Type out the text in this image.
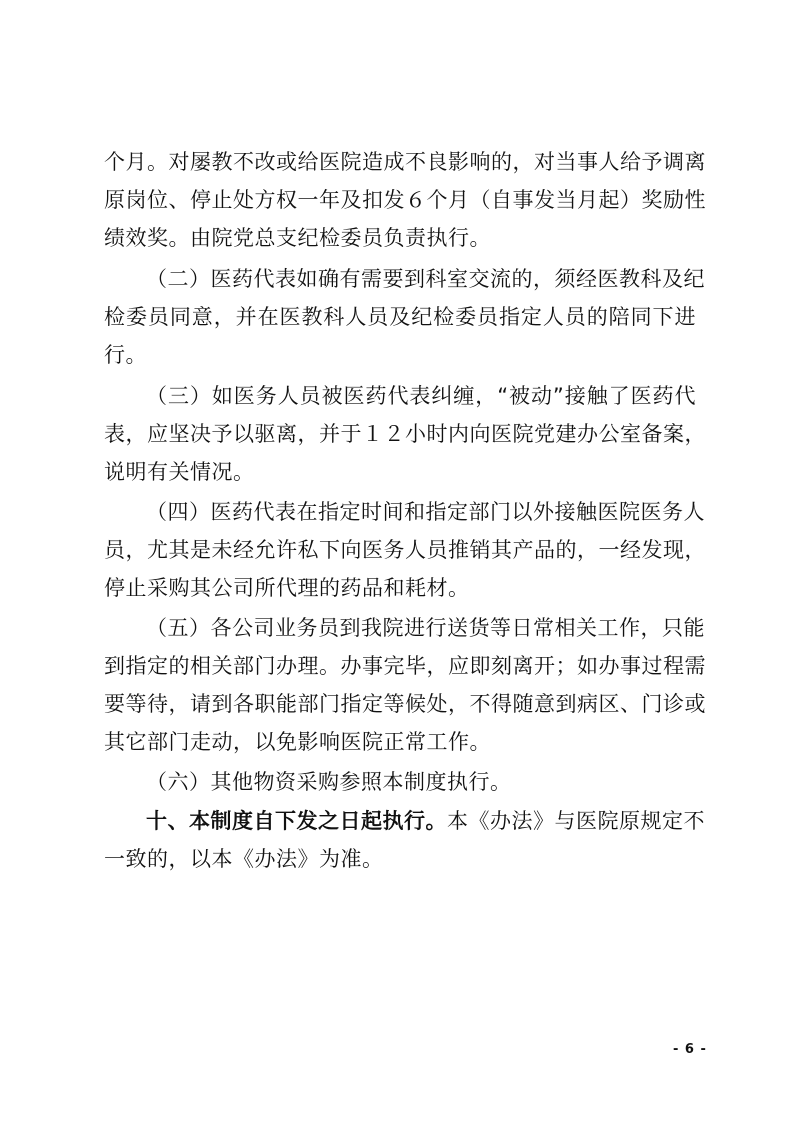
个月。对屡教不改或给医院造成不良影响的，对当事人给予调离
原岗位、停止处方权一年及扣发６个月（自事发当月起）奖励性
绩效奖。由院党总支纪检委员负责执行。
（二）医药代表如确有需要到科室交流的，须经医教科及纪
检委员同意，并在医教科人员及纪检委员指定人员的陪同下进
行。
（三）如医务人员被医药代表纠缠，“被动”接触了医药代
表，应坚决予以驱离，并于１２小时内向医院党建办公室备案，
说明有关情况。
（四）医药代表在指定时间和指定部门以外接触医院医务人
员，尤其是未经允许私下向医务人员推销其产品的，一经发现，
停止采购其公司所代理的药品和耗材。
（五）各公司业务员到我院进行送货等日常相关工作，只能
到指定的相关部门办理。办事完毕，应即刻离开；如办事过程需
要等待，请到各职能部门指定等候处，不得随意到病区、门诊或
其它部门走动，以免影响医院正常工作。
（六）其他物资采购参照本制度执行。
十、本制度自下发之日起执行。本《办法》与医院原规定不
一致的，以本《办法》为准。
- 6 -
